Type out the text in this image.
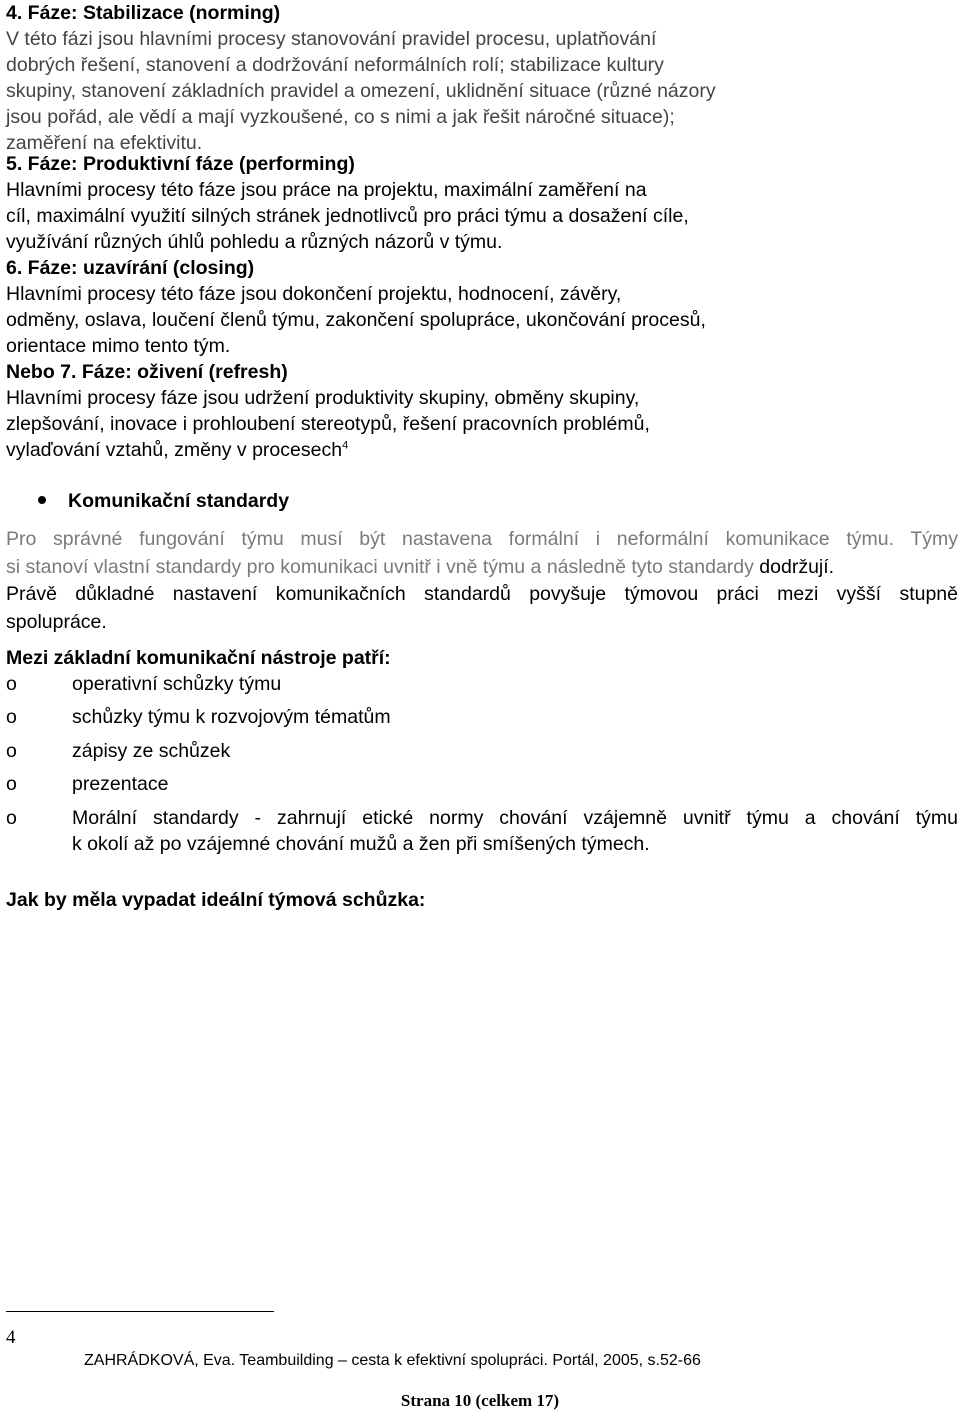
4. Fáze: Stabilizace (norming)
V této fázi jsou hlavními procesy stanovování pravidel procesu, uplatňování
dobrých řešení, stanovení a dodržování neformálních rolí; stabilizace kultury
skupiny, stanovení základních pravidel a omezení, uklidnění situace (různé názory
jsou pořád, ale vědí a mají vyzkoušené, co s nimi a jak řešit náročné situace);
zaměření na efektivitu.
5. Fáze: Produktivní fáze (performing)
Hlavními procesy této fáze jsou práce na projektu, maximální zaměření na
cíl, maximální využití silných stránek jednotlivců pro práci týmu a dosažení cíle,
využívání různých úhlů pohledu a různých názorů v týmu.
6. Fáze: uzavírání (closing)
Hlavními procesy této fáze jsou dokončení projektu, hodnocení, závěry,
odměny, oslava, loučení členů týmu, zakončení spolupráce, ukončování procesů,
orientace mimo tento tým.
Nebo 7. Fáze: oživení (refresh)
Hlavními procesy fáze jsou udržení produktivity skupiny, obměny skupiny,
zlepšování, inovace i prohloubení stereotypů, řešení pracovních problémů,
vylaďování vztahů, změny v procesech$^4$
Komunikační standardy
Pro správné fungování týmu musí být nastavena formální i neformální komunikace týmu. Týmy
si stanoví vlastní standardy pro komunikaci uvnitř i vně týmu a následně tyto standardy dodržují.
Právě důkladné nastavení komunikačních standardů povyšuje týmovou práci mezi vyšší stupně
spolupráce.
Mezi základní komunikační nástroje patří:
o	operativní schůzky týmu
o	schůzky týmu k rozvojovým tématům
o	zápisy ze schůzek
o	prezentace
o	Morální standardy - zahrnují etické normy chování vzájemně uvnitř týmu a chování týmu
k okolí až po vzájemné chování mužů a žen při smíšených týmech.
Jak by měla vypadat ideální týmová schůzka:
4
ZAHRÁDKOVÁ, Eva. Teambuilding – cesta k efektivní spolupráci. Portál, 2005, s.52-66
Strana 10 (celkem 17)
